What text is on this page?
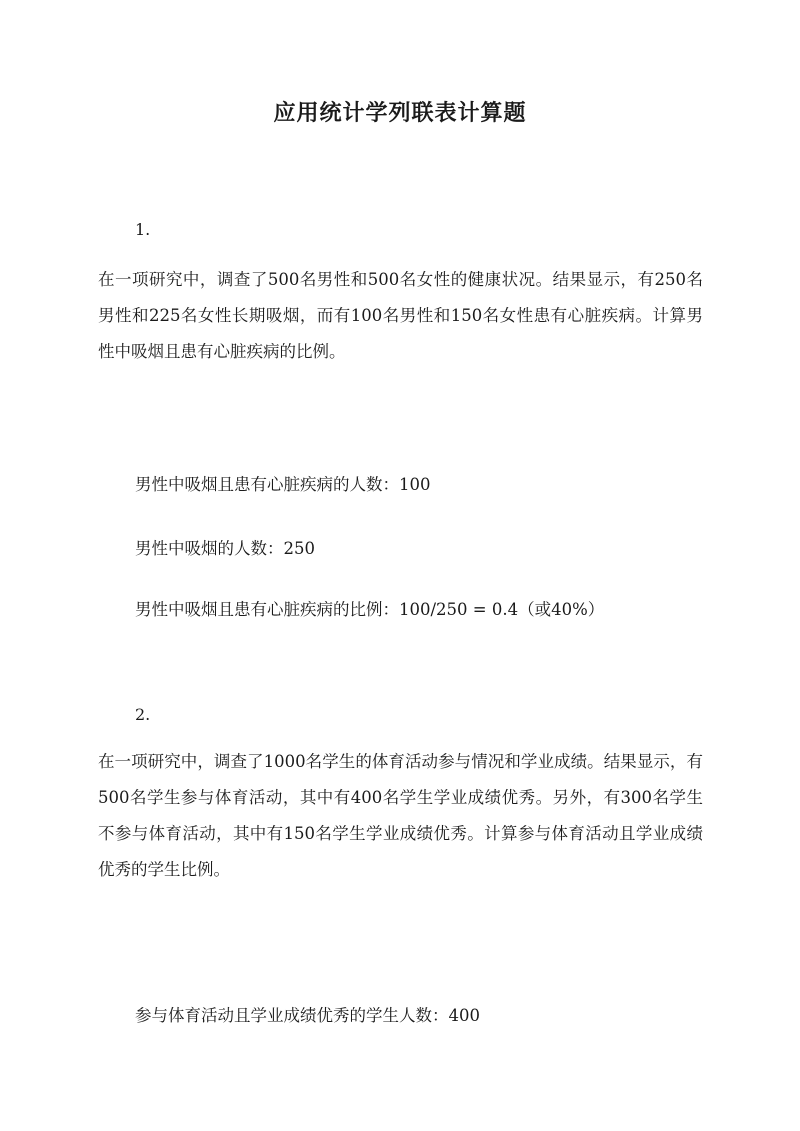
应用统计学列联表计算题
1.
在一项研究中，调查了500名男性和500名女性的健康状况。结果显示，有250名男性和225名女性长期吸烟，而有100名男性和150名女性患有心脏疾病。计算男性中吸烟且患有心脏疾病的比例。
男性中吸烟且患有心脏疾病的人数：100
男性中吸烟的人数：250
男性中吸烟且患有心脏疾病的比例：100/250 = 0.4（或40%）
2.
在一项研究中，调查了1000名学生的体育活动参与情况和学业成绩。结果显示，有500名学生参与体育活动，其中有400名学生学业成绩优秀。另外，有300名学生不参与体育活动，其中有150名学生学业成绩优秀。计算参与体育活动且学业成绩优秀的学生比例。
参与体育活动且学业成绩优秀的学生人数：400
